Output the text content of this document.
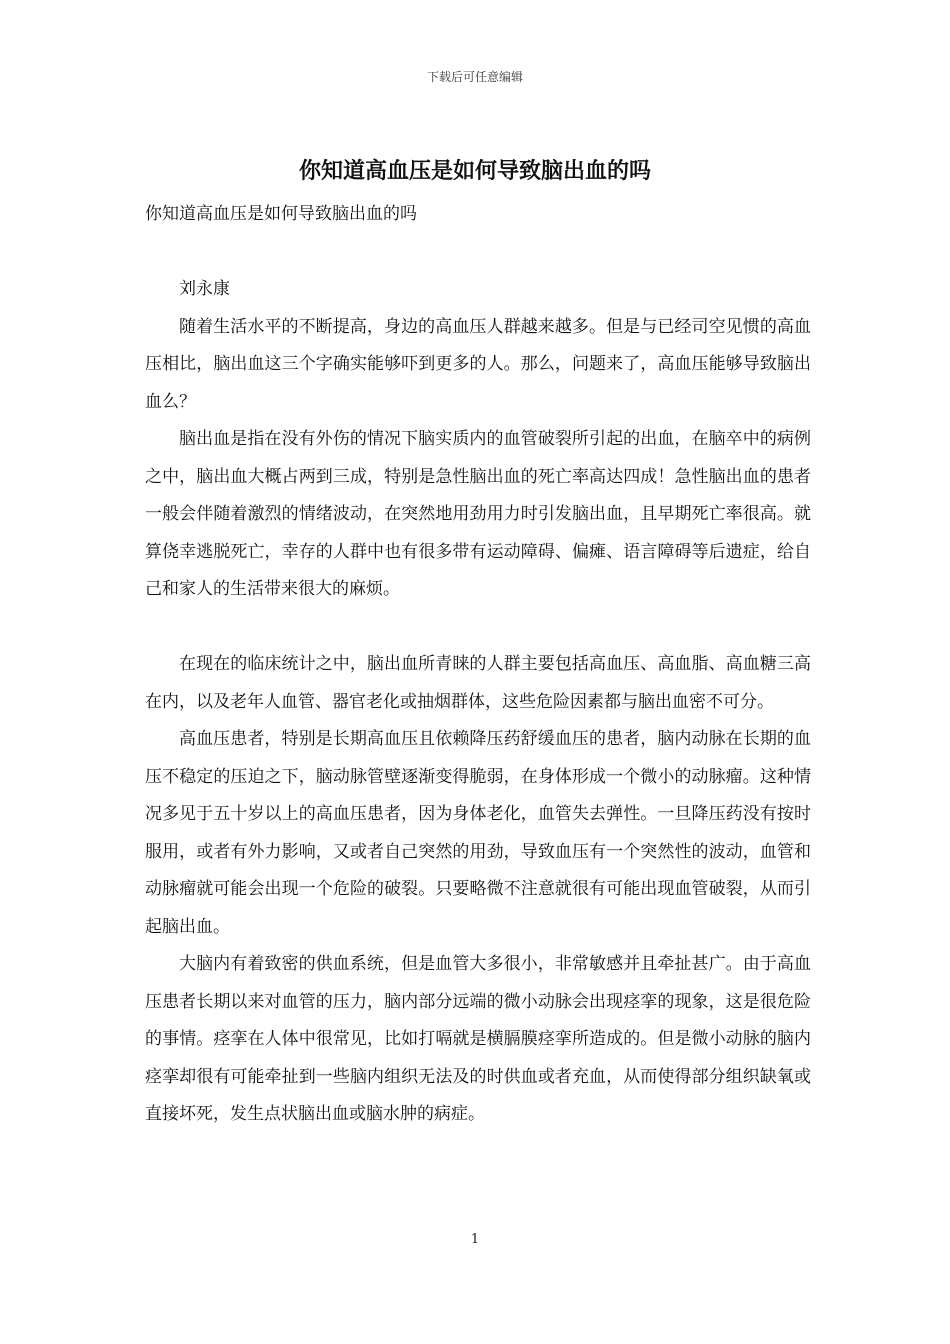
下载后可任意编辑
你知道高血压是如何导致脑出血的吗
你知道高血压是如何导致脑出血的吗

刘永康

随着生活水平的不断提高，身边的高血压人群越来越多。但是与已经司空见惯的高血压相比，脑出血这三个字确实能够吓到更多的人。那么，问题来了，高血压能够导致脑出血么？

脑出血是指在没有外伤的情况下脑实质内的血管破裂所引起的出血，在脑卒中的病例之中，脑出血大概占两到三成，特别是急性脑出血的死亡率高达四成！急性脑出血的患者一般会伴随着激烈的情绪波动，在突然地用劲用力时引发脑出血，且早期死亡率很高。就算侥幸逃脱死亡，幸存的人群中也有很多带有运动障碍、偏瘫、语言障碍等后遗症，给自己和家人的生活带来很大的麻烦。

在现在的临床统计之中，脑出血所青睐的人群主要包括高血压、高血脂、高血糖三高在内，以及老年人血管、器官老化或抽烟群体，这些危险因素都与脑出血密不可分。

高血压患者，特别是长期高血压且依赖降压药舒缓血压的患者，脑内动脉在长期的血压不稳定的压迫之下，脑动脉管壁逐渐变得脆弱，在身体形成一个微小的动脉瘤。这种情况多见于五十岁以上的高血压患者，因为身体老化，血管失去弹性。一旦降压药没有按时服用，或者有外力影响，又或者自己突然的用劲，导致血压有一个突然性的波动，血管和动脉瘤就可能会出现一个危险的破裂。只要略微不注意就很有可能出现血管破裂，从而引起脑出血。

大脑内有着致密的供血系统，但是血管大多很小，非常敏感并且牵扯甚广。由于高血压患者长期以来对血管的压力，脑内部分远端的微小动脉会出现痉挛的现象，这是很危险的事情。痉挛在人体中很常见，比如打嗝就是横膈膜痉挛所造成的。但是微小动脉的脑内痉挛却很有可能牵扯到一些脑内组织无法及的时供血或者充血，从而使得部分组织缺氧或直接坏死，发生点状脑出血或脑水肿的病症。

1
